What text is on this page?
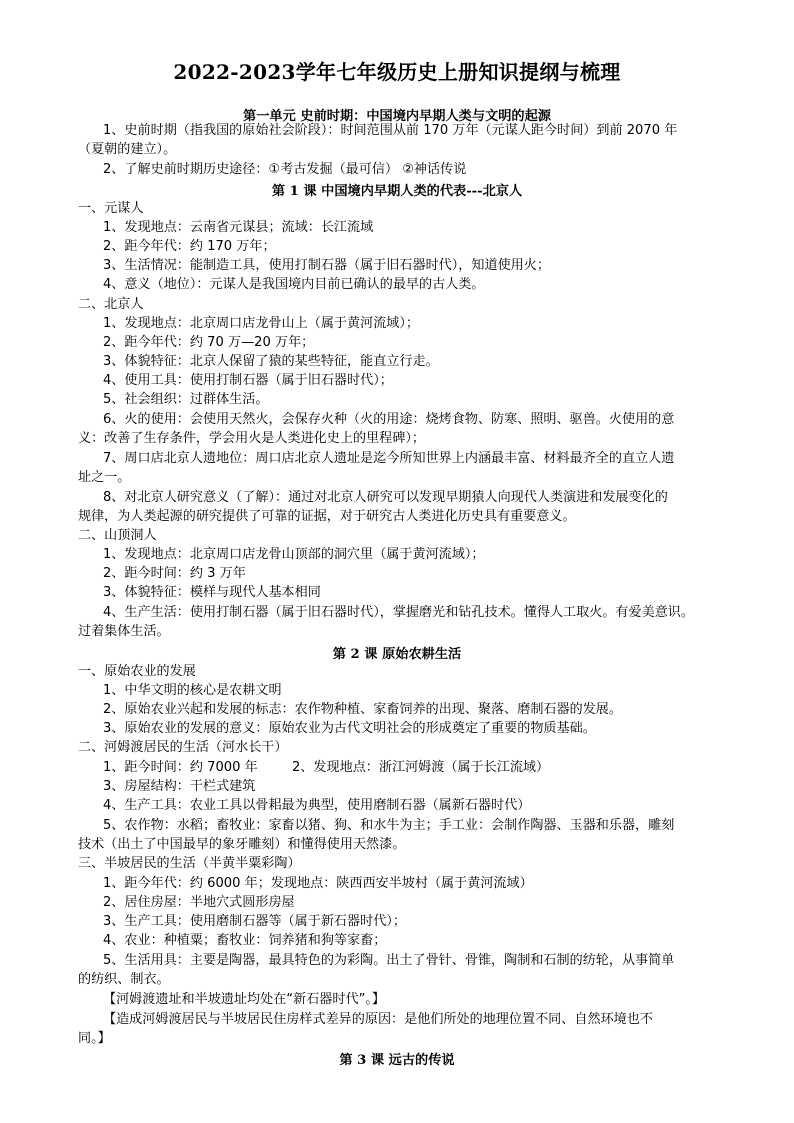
2022-2023学年七年级历史上册知识提纲与梳理
第一单元 史前时期：中国境内早期人类与文明的起源
1、史前时期（指我国的原始社会阶段）：时间范围从前 170 万年（元谋人距今时间）到前 2070 年
（夏朝的建立）。
2、了解史前时期历史途径：①考古发掘（最可信） ②神话传说
第 1 课 中国境内早期人类的代表---北京人
一、元谋人
1、发现地点：云南省元谋县；流域：长江流域
2、距今年代：约 170 万年；
3、生活情况：能制造工具，使用打制石器（属于旧石器时代），知道使用火；
4、意义（地位）：元谋人是我国境内目前已确认的最早的古人类。
二、北京人
1、发现地点：北京周口店龙骨山上（属于黄河流域）；
2、距今年代：约 70 万—20 万年；
3、体貌特征：北京人保留了猿的某些特征，能直立行走。
4、使用工具：使用打制石器（属于旧石器时代）；
5、社会组织：过群体生活。
6、火的使用：会使用天然火，会保存火种（火的用途：烧烤食物、防寒、照明、驱兽。火使用的意
义：改善了生存条件，学会用火是人类进化史上的里程碑）；
7、周口店北京人遗地位：周口店北京人遗址是迄今所知世界上内涵最丰富、材料最齐全的直立人遗
址之一。
8、对北京人研究意义（了解）：通过对北京人研究可以发现早期猿人向现代人类演进和发展变化的
规律，为人类起源的研究提供了可靠的证据，对于研究古人类进化历史具有重要意义。
二、山顶洞人
1、发现地点：北京周口店龙骨山顶部的洞穴里（属于黄河流域）；
2、距今时间：约 3 万年
3、体貌特征：模样与现代人基本相同
4、生产生活：使用打制石器（属于旧石器时代），掌握磨光和钻孔技术。懂得人工取火。有爱美意识。
过着集体生活。
第 2 课 原始农耕生活
一、原始农业的发展
1、中华文明的核心是农耕文明
2、原始农业兴起和发展的标志：农作物种植、家畜饲养的出现、聚落、磨制石器的发展。
3、原始农业的发展的意义：原始农业为古代文明社会的形成奠定了重要的物质基础。
二、河姆渡居民的生活（河水长干）
1、距今时间：约 7000 年	2、发现地点：浙江河姆渡（属于长江流域）
3、房屋结构：干栏式建筑
4、生产工具：农业工具以骨耜最为典型，使用磨制石器（属新石器时代）
5、农作物：水稻；畜牧业：家畜以猪、狗、和水牛为主；手工业：会制作陶器、玉器和乐器，雕刻
技术（出土了中国最早的象牙雕刻）和懂得使用天然漆。
三、半坡居民的生活（半黄半粟彩陶）
1、距今年代：约 6000 年；发现地点：陕西西安半坡村（属于黄河流域）
2、居住房屋：半地穴式圆形房屋
3、生产工具：使用磨制石器等（属于新石器时代）；
4、农业：种植粟；畜牧业：饲养猪和狗等家畜；
5、生活用具：主要是陶器，最具特色的为彩陶。出土了骨针、骨锥，陶制和石制的纺轮，从事简单
的纺织、制衣。
【河姆渡遗址和半坡遗址均处在“新石器时代”。】
【造成河姆渡居民与半坡居民住房样式差异的原因：是他们所处的地理位置不同、自然环境也不
同。】
第 3 课 远古的传说
